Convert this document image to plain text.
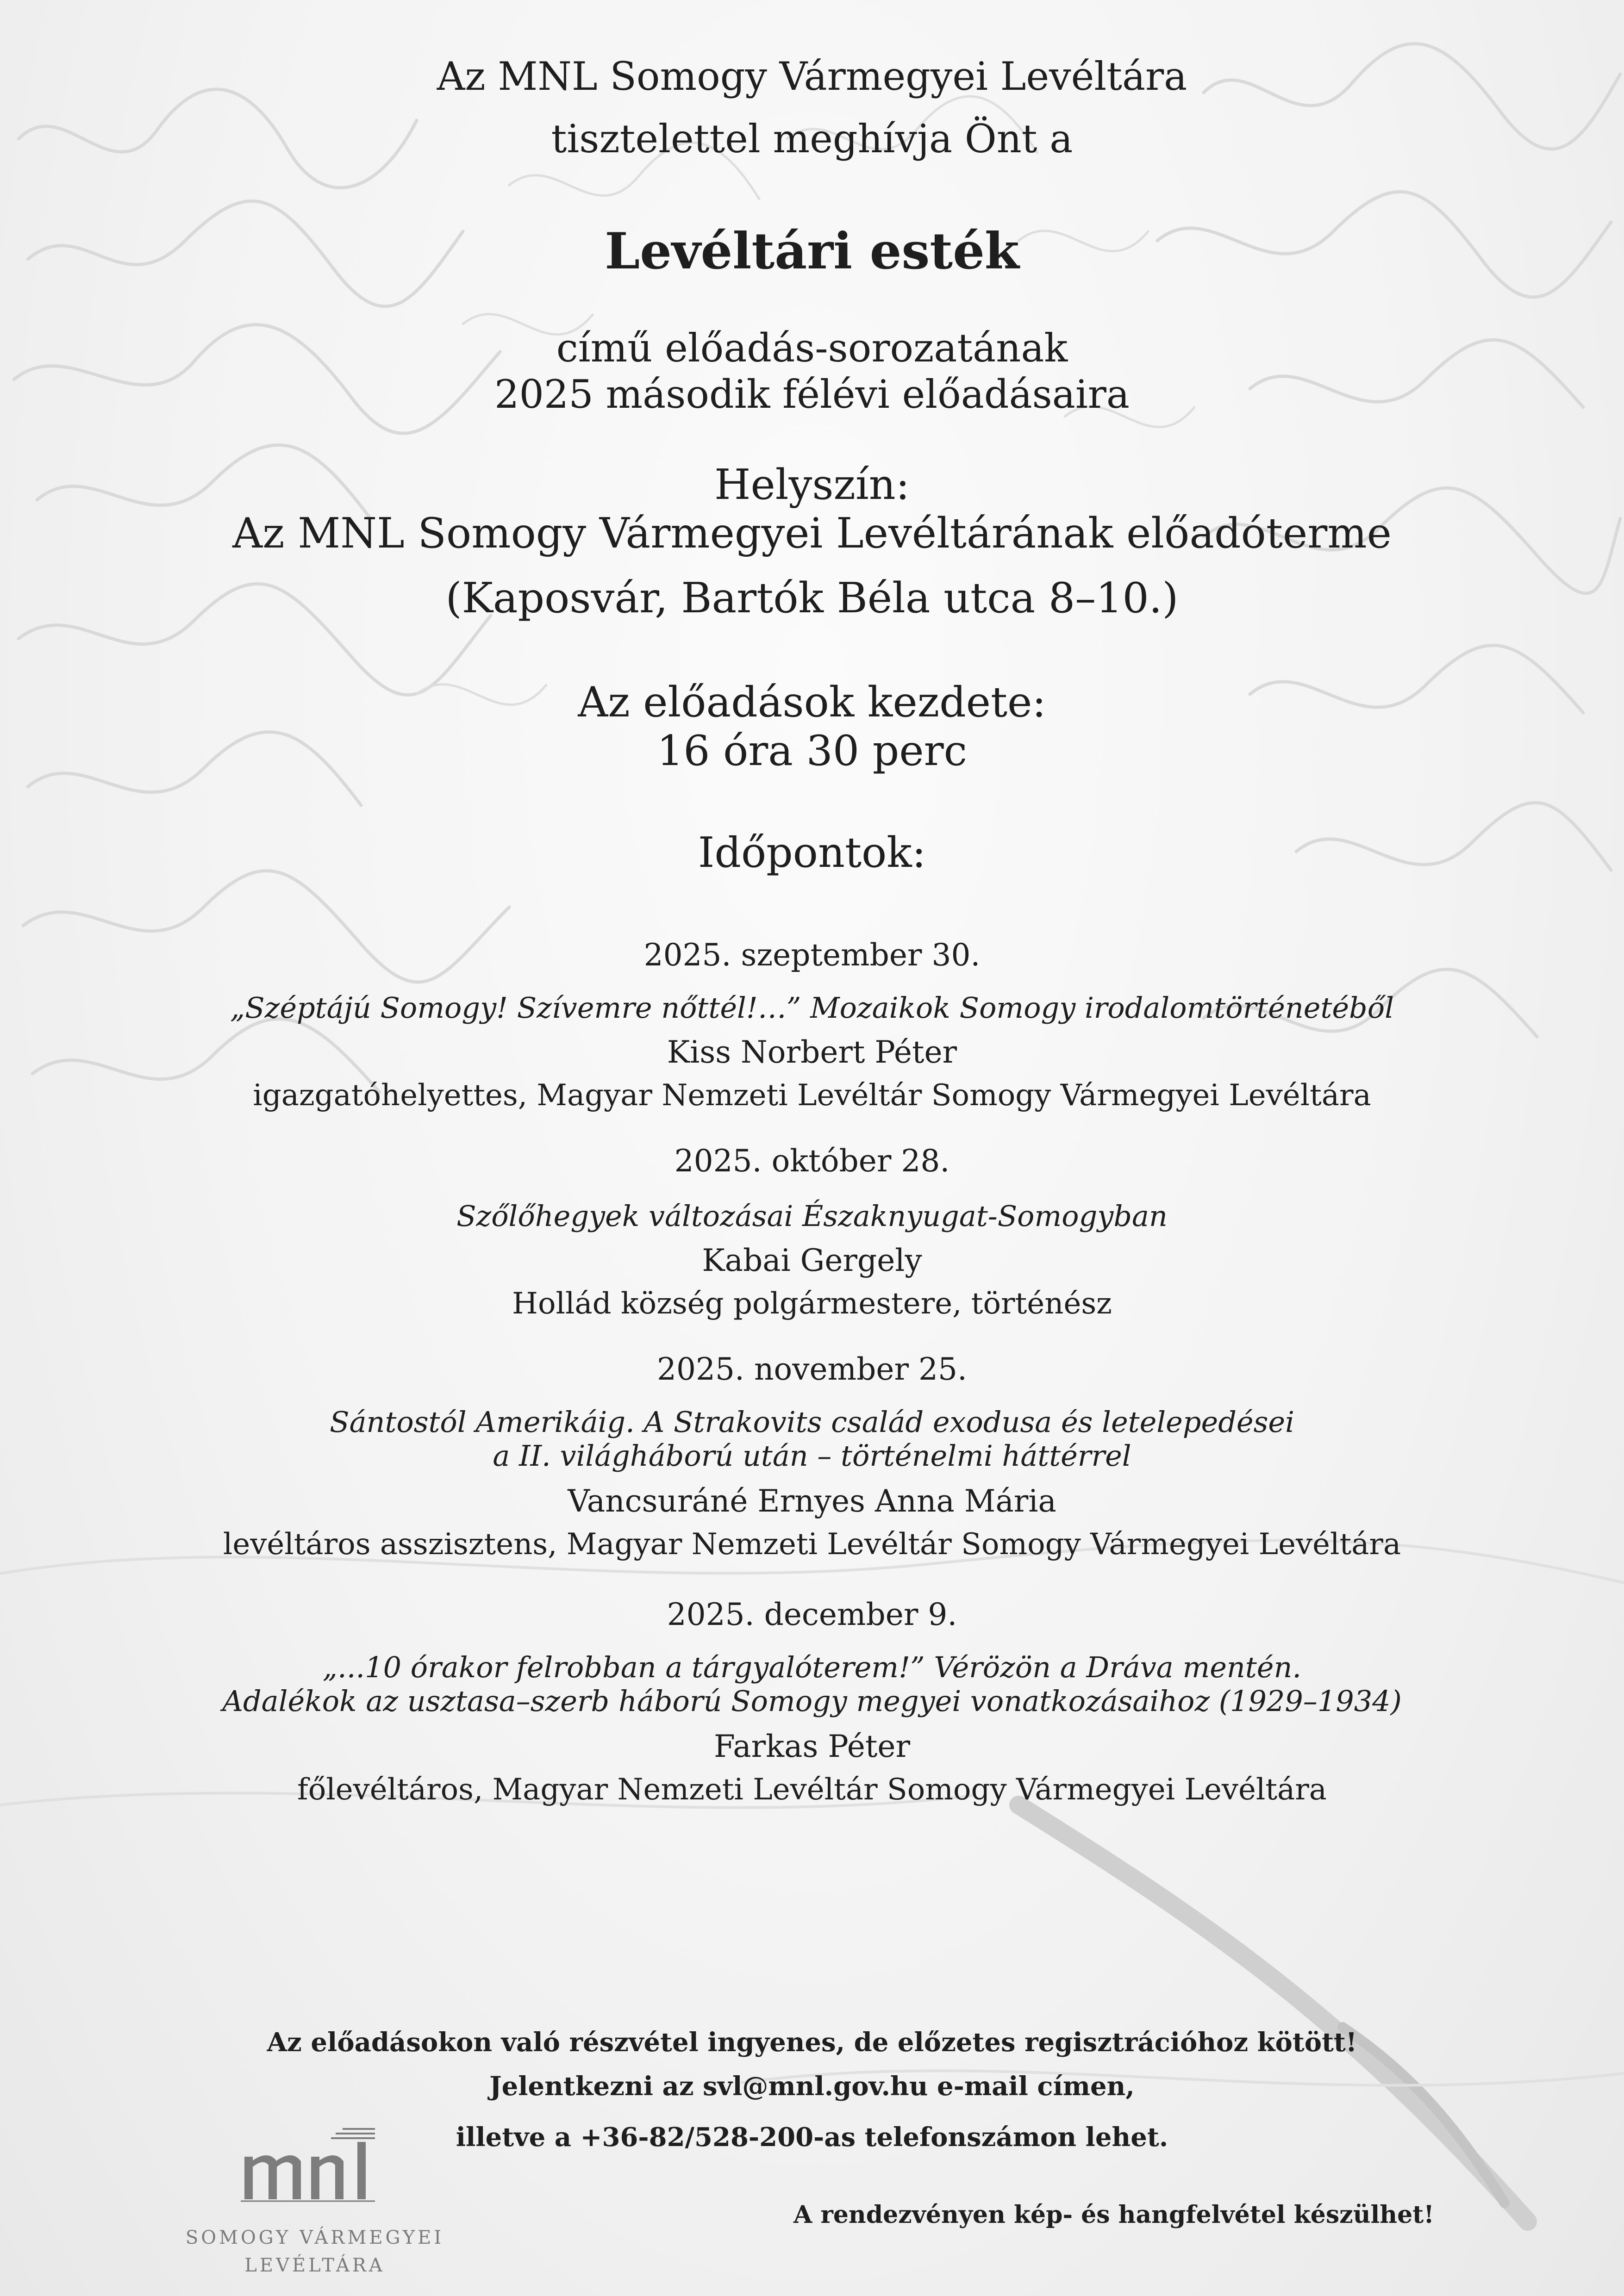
Az MNL Somogy Vármegyei Levéltára
tisztelettel meghívja Önt a
Levéltári esték
című előadás-sorozatának
2025 második félévi előadásaira
Helyszín:
Az MNL Somogy Vármegyei Levéltárának előadóterme
(Kaposvár, Bartók Béla utca 8–10.)
Az előadások kezdete:
16 óra 30 perc
Időpontok:
2025. szeptember 30.
„Széptájú Somogy! Szívemre nőttél!…” Mozaikok Somogy irodalomtörténetéből
Kiss Norbert Péter
igazgatóhelyettes, Magyar Nemzeti Levéltár Somogy Vármegyei Levéltára
2025. október 28.
Szőlőhegyek változásai Északnyugat-Somogyban
Kabai Gergely
Hollád község polgármestere, történész
2025. november 25.
Sántostól Amerikáig. A Strakovits család exodusa és letelepedései
a II. világháború után – történelmi háttérrel
Vancsuráné Ernyes Anna Mária
levéltáros asszisztens, Magyar Nemzeti Levéltár Somogy Vármegyei Levéltára
2025. december 9.
„...10 órakor felrobban a tárgyalóterem!” Vérözön a Dráva mentén.
Adalékok az usztasa–szerb háború Somogy megyei vonatkozásaihoz (1929–1934)
Farkas Péter
főlevéltáros, Magyar Nemzeti Levéltár Somogy Vármegyei Levéltára
Az előadásokon való részvétel ingyenes, de előzetes regisztrációhoz kötött!
Jelentkezni az svl@mnl.gov.hu e-mail címen,
illetve a +36-82/528-200-as telefonszámon lehet.
A rendezvényen kép- és hangfelvétel készülhet!
SOMOGY VÁRMEGYEI
LEVÉLTÁRA
